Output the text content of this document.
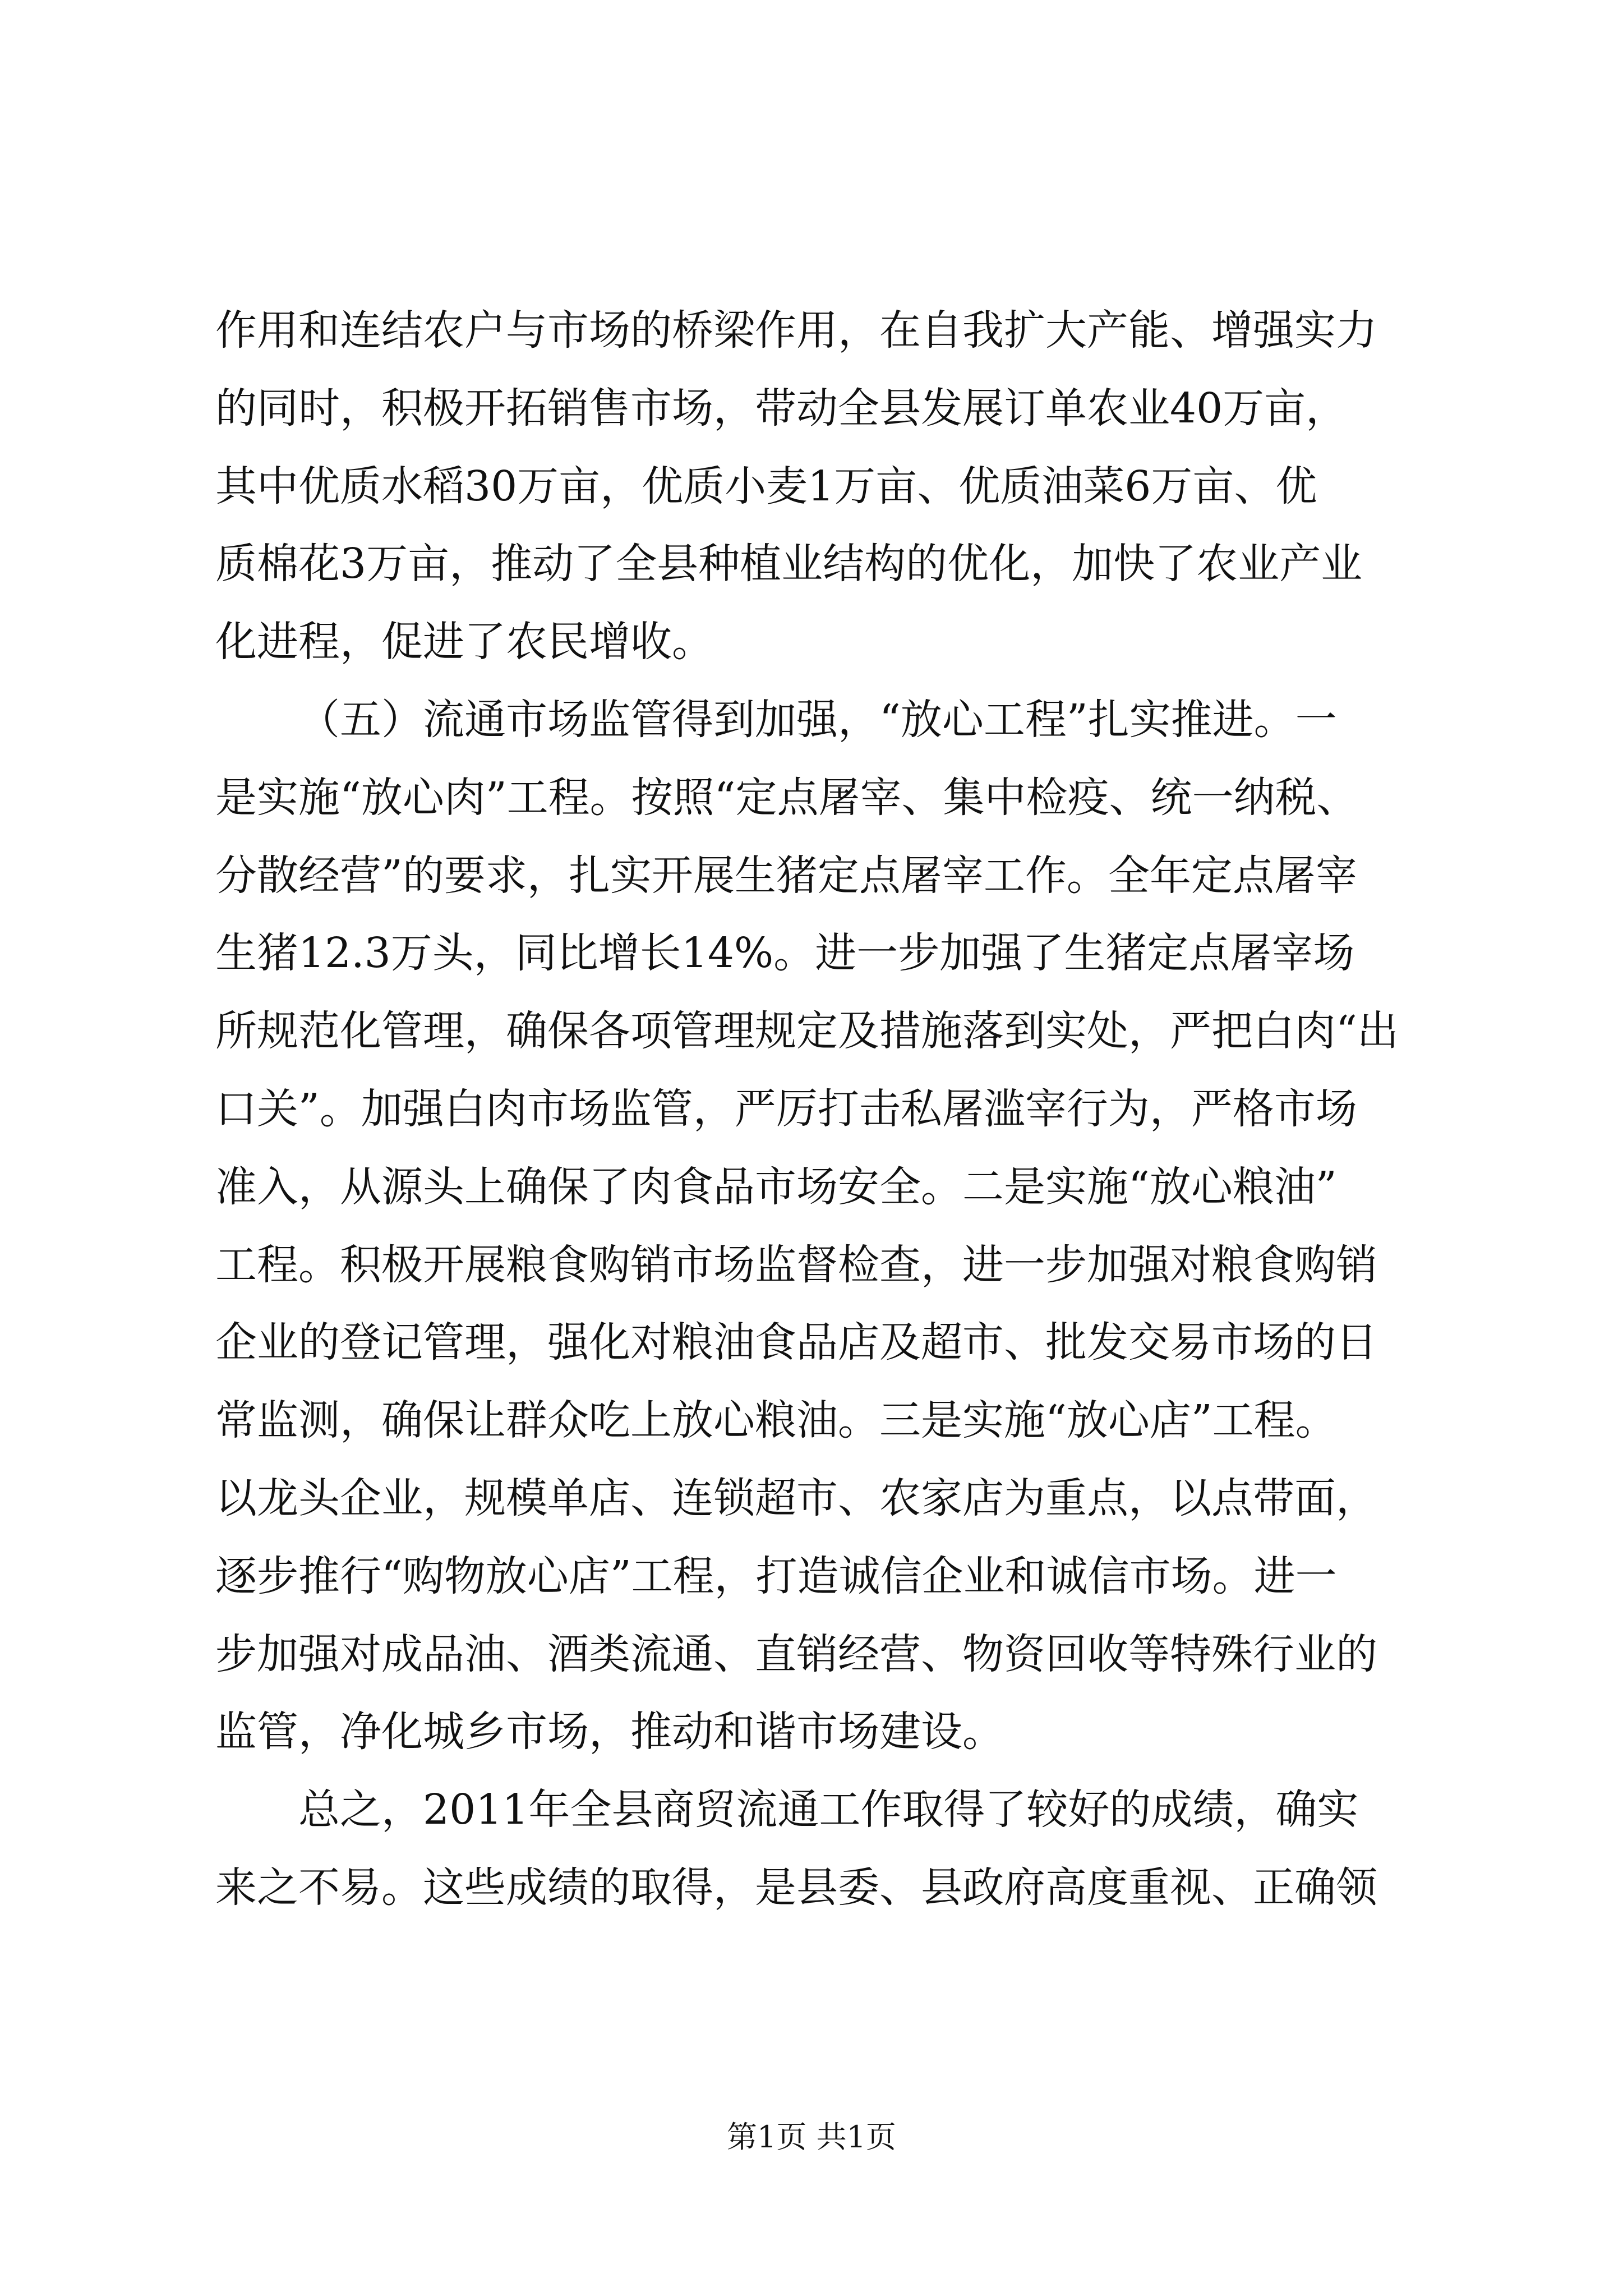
作用和连结农户与市场的桥梁作用，在自我扩大产能、增强实力
的同时，积极开拓销售市场，带动全县发展订单农业40万亩，
其中优质水稻30万亩，优质小麦1万亩、优质油菜6万亩、优
质棉花3万亩，推动了全县种植业结构的优化，加快了农业产业
化进程，促进了农民增收。
（五）流通市场监管得到加强，“放心工程”扎实推进。一
是实施“放心肉”工程。按照“定点屠宰、集中检疫、统一纳税、
分散经营”的要求，扎实开展生猪定点屠宰工作。全年定点屠宰
生猪12.3万头，同比增长14%。进一步加强了生猪定点屠宰场
所规范化管理，确保各项管理规定及措施落到实处，严把白肉“出
口关”。加强白肉市场监管，严厉打击私屠滥宰行为，严格市场
准入，从源头上确保了肉食品市场安全。二是实施“放心粮油”
工程。积极开展粮食购销市场监督检查，进一步加强对粮食购销
企业的登记管理，强化对粮油食品店及超市、批发交易市场的日
常监测，确保让群众吃上放心粮油。三是实施“放心店”工程。
以龙头企业，规模单店、连锁超市、农家店为重点，以点带面，
逐步推行“购物放心店”工程，打造诚信企业和诚信市场。进一
步加强对成品油、酒类流通、直销经营、物资回收等特殊行业的
监管，净化城乡市场，推动和谐市场建设。
总之，2011年全县商贸流通工作取得了较好的成绩，确实
来之不易。这些成绩的取得，是县委、县政府高度重视、正确领
第1页 共1页
